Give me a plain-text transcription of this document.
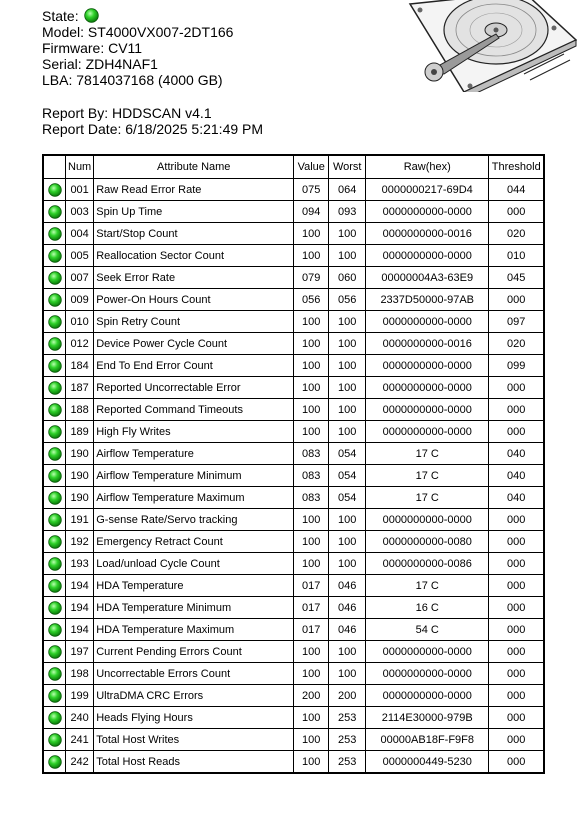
State:
Model: ST4000VX007-2DT166
Firmware: CV11
Serial: ZDH4NAF1
LBA: 7814037168 (4000 GB)
Report By: HDDSCAN v4.1
Report Date: 6/18/2025 5:21:49 PM
	Num	Attribute Name	Value	Worst	Raw(hex)	Threshold
	001	Raw Read Error Rate	075	064	0000000217-69D4	044
	003	Spin Up Time	094	093	0000000000-0000	000
	004	Start/Stop Count	100	100	0000000000-0016	020
	005	Reallocation Sector Count	100	100	0000000000-0000	010
	007	Seek Error Rate	079	060	00000004A3-63E9	045
	009	Power-On Hours Count	056	056	2337D50000-97AB	000
	010	Spin Retry Count	100	100	0000000000-0000	097
	012	Device Power Cycle Count	100	100	0000000000-0016	020
	184	End To End Error Count	100	100	0000000000-0000	099
	187	Reported Uncorrectable Error	100	100	0000000000-0000	000
	188	Reported Command Timeouts	100	100	0000000000-0000	000
	189	High Fly Writes	100	100	0000000000-0000	000
	190	Airflow Temperature	083	054	17 C	040
	190	Airflow Temperature Minimum	083	054	17 C	040
	190	Airflow Temperature Maximum	083	054	17 C	040
	191	G-sense Rate/Servo tracking	100	100	0000000000-0000	000
	192	Emergency Retract Count	100	100	0000000000-0080	000
	193	Load/unload Cycle Count	100	100	0000000000-0086	000
	194	HDA Temperature	017	046	17 C	000
	194	HDA Temperature Minimum	017	046	16 C	000
	194	HDA Temperature Maximum	017	046	54 C	000
	197	Current Pending Errors Count	100	100	0000000000-0000	000
	198	Uncorrectable Errors Count	100	100	0000000000-0000	000
	199	UltraDMA CRC Errors	200	200	0000000000-0000	000
	240	Heads Flying Hours	100	253	2114E30000-979B	000
	241	Total Host Writes	100	253	00000AB18F-F9F8	000
	242	Total Host Reads	100	253	0000000449-5230	000
